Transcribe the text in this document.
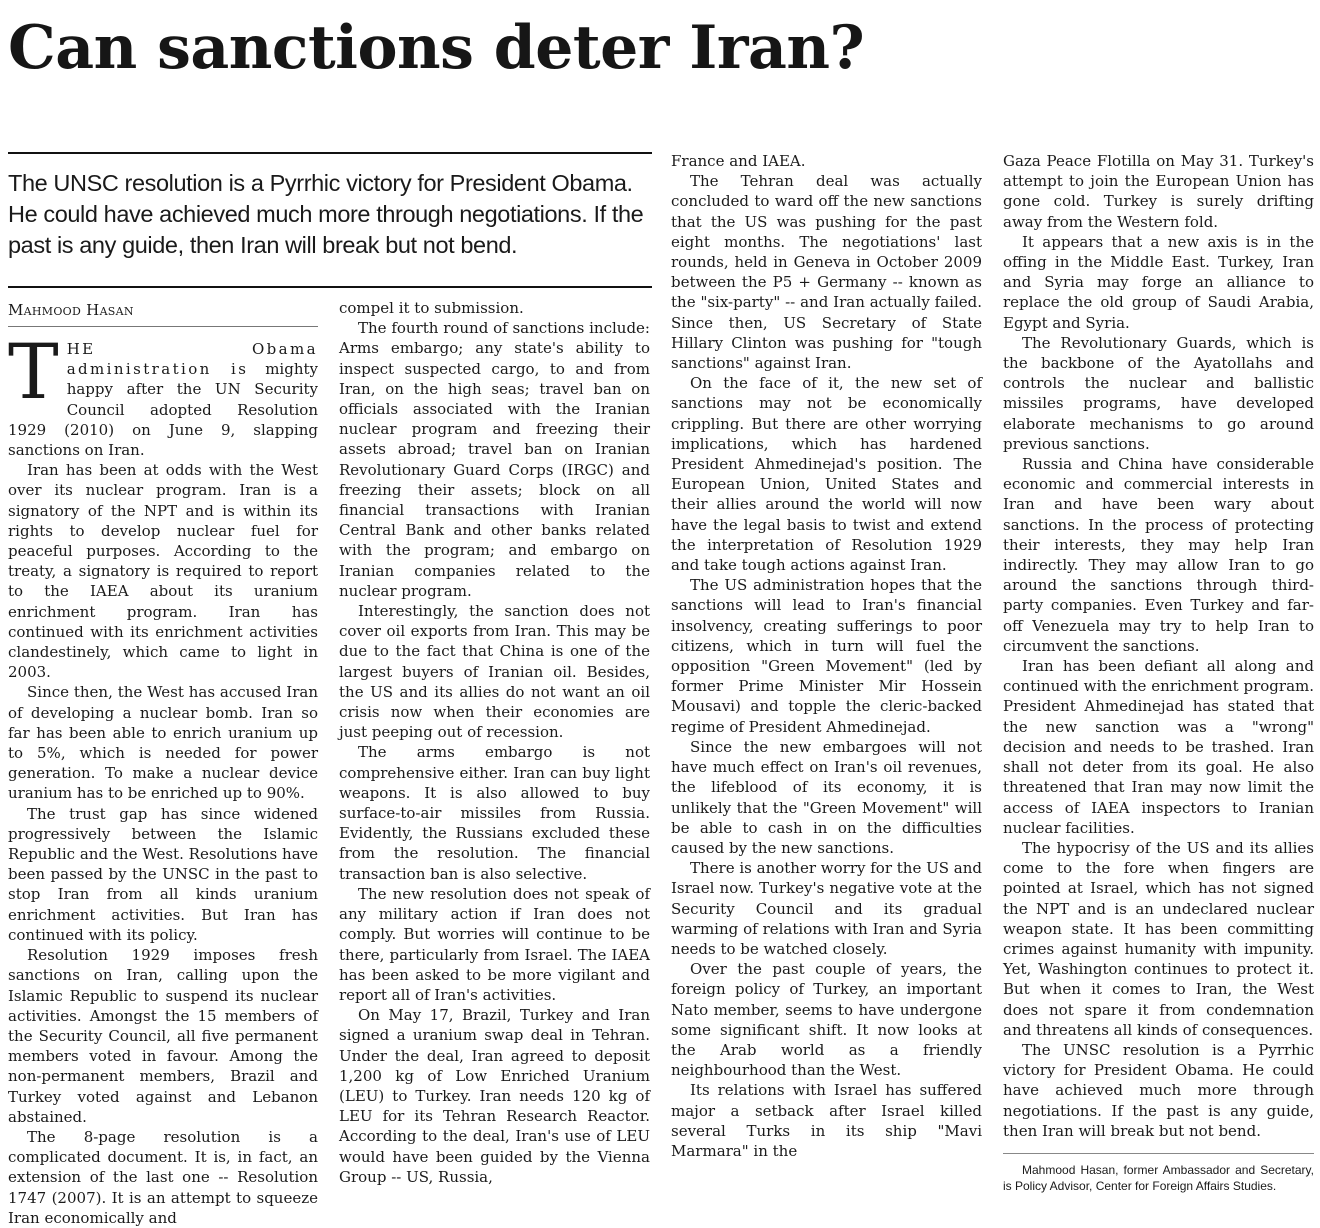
Can sanctions deter Iran?

The UNSC resolution is a Pyrrhic victory for President Obama. He could have achieved much more through negotiations. If the past is any guide, then Iran will break but not bend.

Mahmood Hasan

THE Obama administration is mighty happy after the UN Security Council adopted Resolution 1929 (2010) on June 9, slapping sanctions on Iran.

Iran has been at odds with the West over its nuclear program. Iran is a signatory of the NPT and is within its rights to develop nuclear fuel for peaceful purposes. According to the treaty, a signatory is required to report to the IAEA about its uranium enrichment program. Iran has continued with its enrichment activities clandestinely, which came to light in 2003.

Since then, the West has accused Iran of developing a nuclear bomb. Iran so far has been able to enrich uranium up to 5%, which is needed for power generation. To make a nuclear device uranium has to be enriched up to 90%.

The trust gap has since widened progressively between the Islamic Republic and the West. Resolutions have been passed by the UNSC in the past to stop Iran from all kinds uranium enrichment activities. But Iran has continued with its policy.

Resolution 1929 imposes fresh sanctions on Iran, calling upon the Islamic Republic to suspend its nuclear activities. Amongst the 15 members of the Security Council, all five permanent members voted in favour. Among the non-permanent members, Brazil and Turkey voted against and Lebanon abstained.

The 8-page resolution is a complicated document. It is, in fact, an extension of the last one -- Resolution 1747 (2007). It is an attempt to squeeze Iran economically and

compel it to submission.

The fourth round of sanctions include: Arms embargo; any state's ability to inspect suspected cargo, to and from Iran, on the high seas; travel ban on officials associated with the Iranian nuclear program and freezing their assets abroad; travel ban on Iranian Revolutionary Guard Corps (IRGC) and freezing their assets; block on all financial transactions with Iranian Central Bank and other banks related with the program; and embargo on Iranian companies related to the nuclear program.

Interestingly, the sanction does not cover oil exports from Iran. This may be due to the fact that China is one of the largest buyers of Iranian oil. Besides, the US and its allies do not want an oil crisis now when their economies are just peeping out of recession.

The arms embargo is not comprehensive either. Iran can buy light weapons. It is also allowed to buy surface-to-air missiles from Russia. Evidently, the Russians excluded these from the resolution. The financial transaction ban is also selective.

The new resolution does not speak of any military action if Iran does not comply. But worries will continue to be there, particularly from Israel. The IAEA has been asked to be more vigilant and report all of Iran's activities.

On May 17, Brazil, Turkey and Iran signed a uranium swap deal in Tehran. Under the deal, Iran agreed to deposit 1,200 kg of Low Enriched Uranium (LEU) to Turkey. Iran needs 120 kg of LEU for its Tehran Research Reactor. According to the deal, Iran's use of LEU would have been guided by the Vienna Group -- US, Russia,

France and IAEA.

The Tehran deal was actually concluded to ward off the new sanctions that the US was pushing for the past eight months. The negotiations' last rounds, held in Geneva in October 2009 between the P5 + Germany -- known as the "six-party" -- and Iran actually failed. Since then, US Secretary of State Hillary Clinton was pushing for "tough sanctions" against Iran.

On the face of it, the new set of sanctions may not be economically crippling. But there are other worrying implications, which has hardened President Ahmedinejad's position. The European Union, United States and their allies around the world will now have the legal basis to twist and extend the interpretation of Resolution 1929 and take tough actions against Iran.

The US administration hopes that the sanctions will lead to Iran's financial insolvency, creating sufferings to poor citizens, which in turn will fuel the opposition "Green Movement" (led by former Prime Minister Mir Hossein Mousavi) and topple the cleric-backed regime of President Ahmedinejad.

Since the new embargoes will not have much effect on Iran's oil revenues, the lifeblood of its economy, it is unlikely that the "Green Movement" will be able to cash in on the difficulties caused by the new sanctions.

There is another worry for the US and Israel now. Turkey's negative vote at the Security Council and its gradual warming of relations with Iran and Syria needs to be watched closely.

Over the past couple of years, the foreign policy of Turkey, an important Nato member, seems to have undergone some significant shift. It now looks at the Arab world as a friendly neighbourhood than the West.

Its relations with Israel has suffered major a setback after Israel killed several Turks in its ship "Mavi Marmara" in the

Gaza Peace Flotilla on May 31. Turkey's attempt to join the European Union has gone cold. Turkey is surely drifting away from the Western fold.

It appears that a new axis is in the offing in the Middle East. Turkey, Iran and Syria may forge an alliance to replace the old group of Saudi Arabia, Egypt and Syria.

The Revolutionary Guards, which is the backbone of the Ayatollahs and controls the nuclear and ballistic missiles programs, have developed elaborate mechanisms to go around previous sanctions.

Russia and China have considerable economic and commercial interests in Iran and have been wary about sanctions. In the process of protecting their interests, they may help Iran indirectly. They may allow Iran to go around the sanctions through third-party companies. Even Turkey and far-off Venezuela may try to help Iran to circumvent the sanctions.

Iran has been defiant all along and continued with the enrichment program. President Ahmedinejad has stated that the new sanction was a "wrong" decision and needs to be trashed. Iran shall not deter from its goal. He also threatened that Iran may now limit the access of IAEA inspectors to Iranian nuclear facilities.

The hypocrisy of the US and its allies come to the fore when fingers are pointed at Israel, which has not signed the NPT and is an undeclared nuclear weapon state. It has been committing crimes against humanity with impunity. Yet, Washington continues to protect it. But when it comes to Iran, the West does not spare it from condemnation and threatens all kinds of consequences.

The UNSC resolution is a Pyrrhic victory for President Obama. He could have achieved much more through negotiations. If the past is any guide, then Iran will break but not bend.

Mahmood Hasan, former Ambassador and Secretary, is Policy Advisor, Center for Foreign Affairs Studies.
